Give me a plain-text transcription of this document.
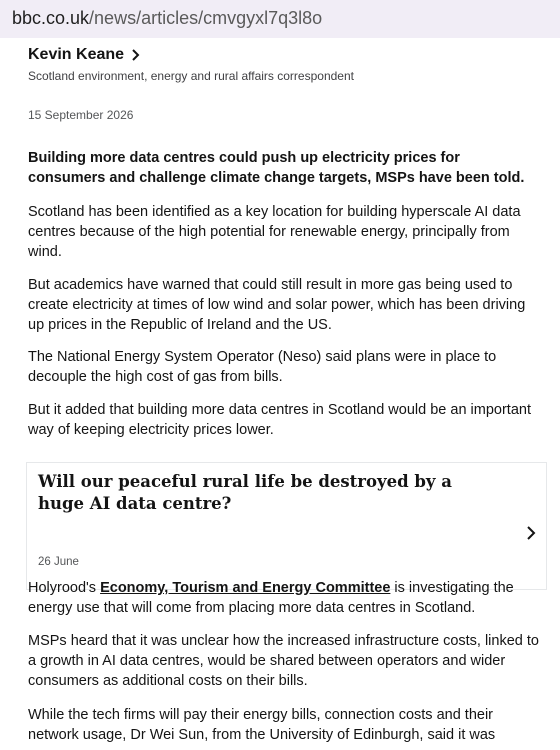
bbc.co.uk/news/articles/cmvgyxl7q3l8o
Kevin Keane
Scotland environment, energy and rural affairs correspondent
15 September 2026

Building more data centres could push up electricity prices for consumers and challenge climate change targets, MSPs have been told.

Scotland has been identified as a key location for building hyperscale AI data centres because of the high potential for renewable energy, principally from wind.

But academics have warned that could still result in more gas being used to create electricity at times of low wind and solar power, which has been driving up prices in the Republic of Ireland and the US.

The National Energy System Operator (Neso) said plans were in place to decouple the high cost of gas from bills.

But it added that building more data centres in Scotland would be an important way of keeping electricity prices lower.

Will our peaceful rural life be destroyed by a huge AI data centre?
26 June

Holyrood's Economy, Tourism and Energy Committee is investigating the energy use that will come from placing more data centres in Scotland.

MSPs heard that it was unclear how the increased infrastructure costs, linked to a growth in AI data centres, would be shared between operators and wider consumers as additional costs on their bills.

While the tech firms will pay their energy bills, connection costs and their network usage, Dr Wei Sun, from the University of Edinburgh, said it was
